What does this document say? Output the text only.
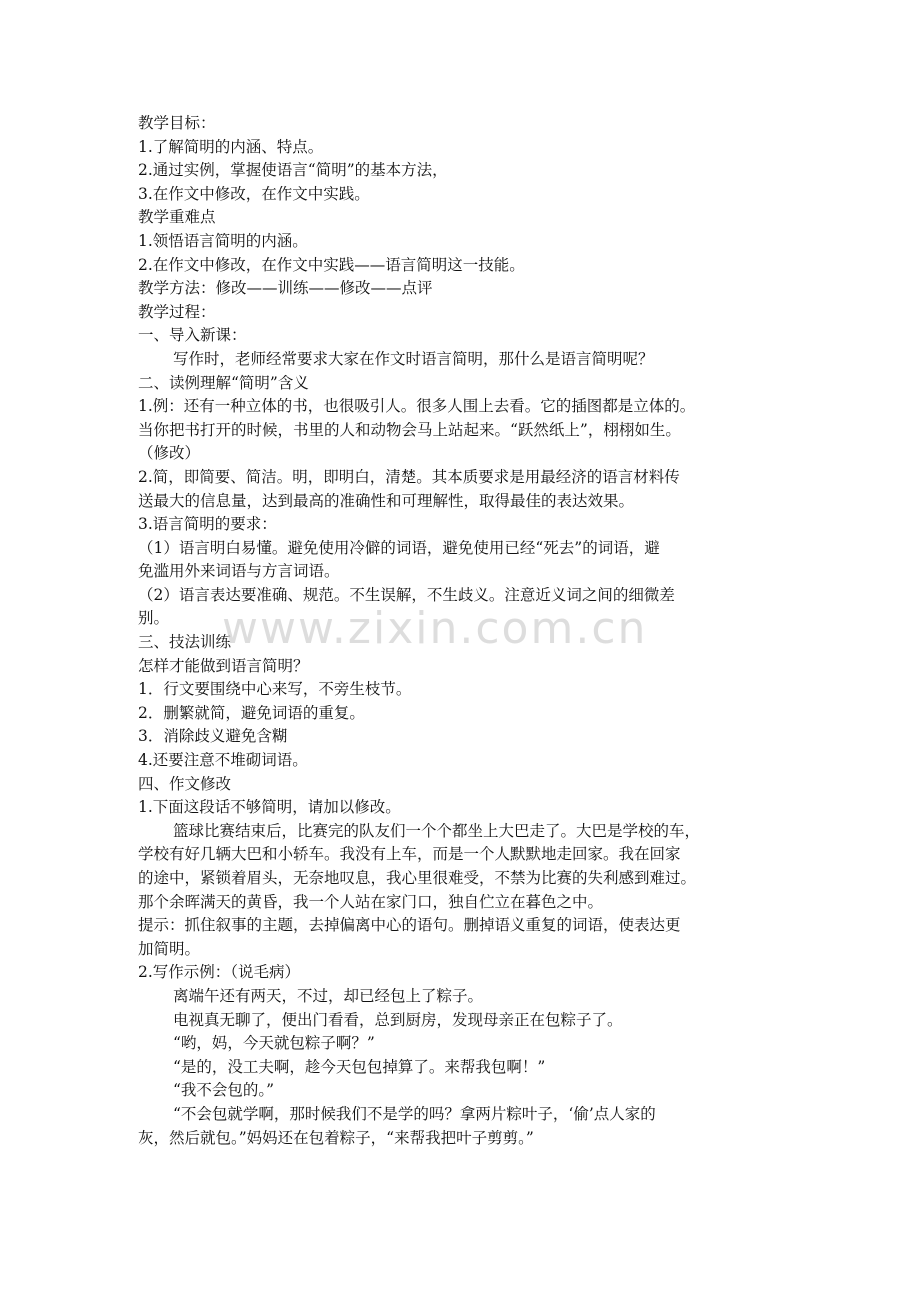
教学目标：
1.了解简明的内涵、特点。
2.通过实例，掌握使语言“简明”的基本方法，
3.在作文中修改，在作文中实践。
教学重难点
1.领悟语言简明的内涵。
2.在作文中修改，在作文中实践——语言简明这一技能。
教学方法：修改——训练——修改——点评
教学过程：
一、导入新课：
写作时，老师经常要求大家在作文时语言简明，那什么是语言简明呢？
二、读例理解“简明”含义
1.例：还有一种立体的书，也很吸引人。很多人围上去看。它的插图都是立体的。
当你把书打开的时候，书里的人和动物会马上站起来。“跃然纸上”，栩栩如生。
（修改）
2.简，即简要、简洁。明，即明白，清楚。其本质要求是用最经济的语言材料传
送最大的信息量，达到最高的准确性和可理解性，取得最佳的表达效果。
3.语言简明的要求：
（1）语言明白易懂。避免使用冷僻的词语，避免使用已经“死去”的词语，避
免滥用外来词语与方言词语。
（2）语言表达要准确、规范。不生误解，不生歧义。注意近义词之间的细微差
别。
三、技法训练
怎样才能做到语言简明？
1．行文要围绕中心来写，不旁生枝节。
2．删繁就简，避免词语的重复。
3．消除歧义避免含糊
4.还要注意不堆砌词语。
四、作文修改
1.下面这段话不够简明，请加以修改。
篮球比赛结束后，比赛完的队友们一个个都坐上大巴走了。大巴是学校的车，
学校有好几辆大巴和小轿车。我没有上车，而是一个人默默地走回家。我在回家
的途中，紧锁着眉头，无奈地叹息，我心里很难受，不禁为比赛的失利感到难过。
那个余晖满天的黄昏，我一个人站在家门口，独自伫立在暮色之中。
提示：抓住叙事的主题，去掉偏离中心的语句。删掉语义重复的词语，使表达更
加简明。
2.写作示例：（说毛病）
离端午还有两天，不过，却已经包上了粽子。
电视真无聊了，便出门看看，总到厨房，发现母亲正在包粽子了。
“哟，妈，今天就包粽子啊？”
“是的，没工夫啊，趁今天包包掉算了。来帮我包啊！”
“我不会包的。”
“不会包就学啊，那时候我们不是学的吗？拿两片粽叶子，‘偷’点人家的
灰，然后就包。”妈妈还在包着粽子，“来帮我把叶子剪剪。”
www.zixin.com.cn
